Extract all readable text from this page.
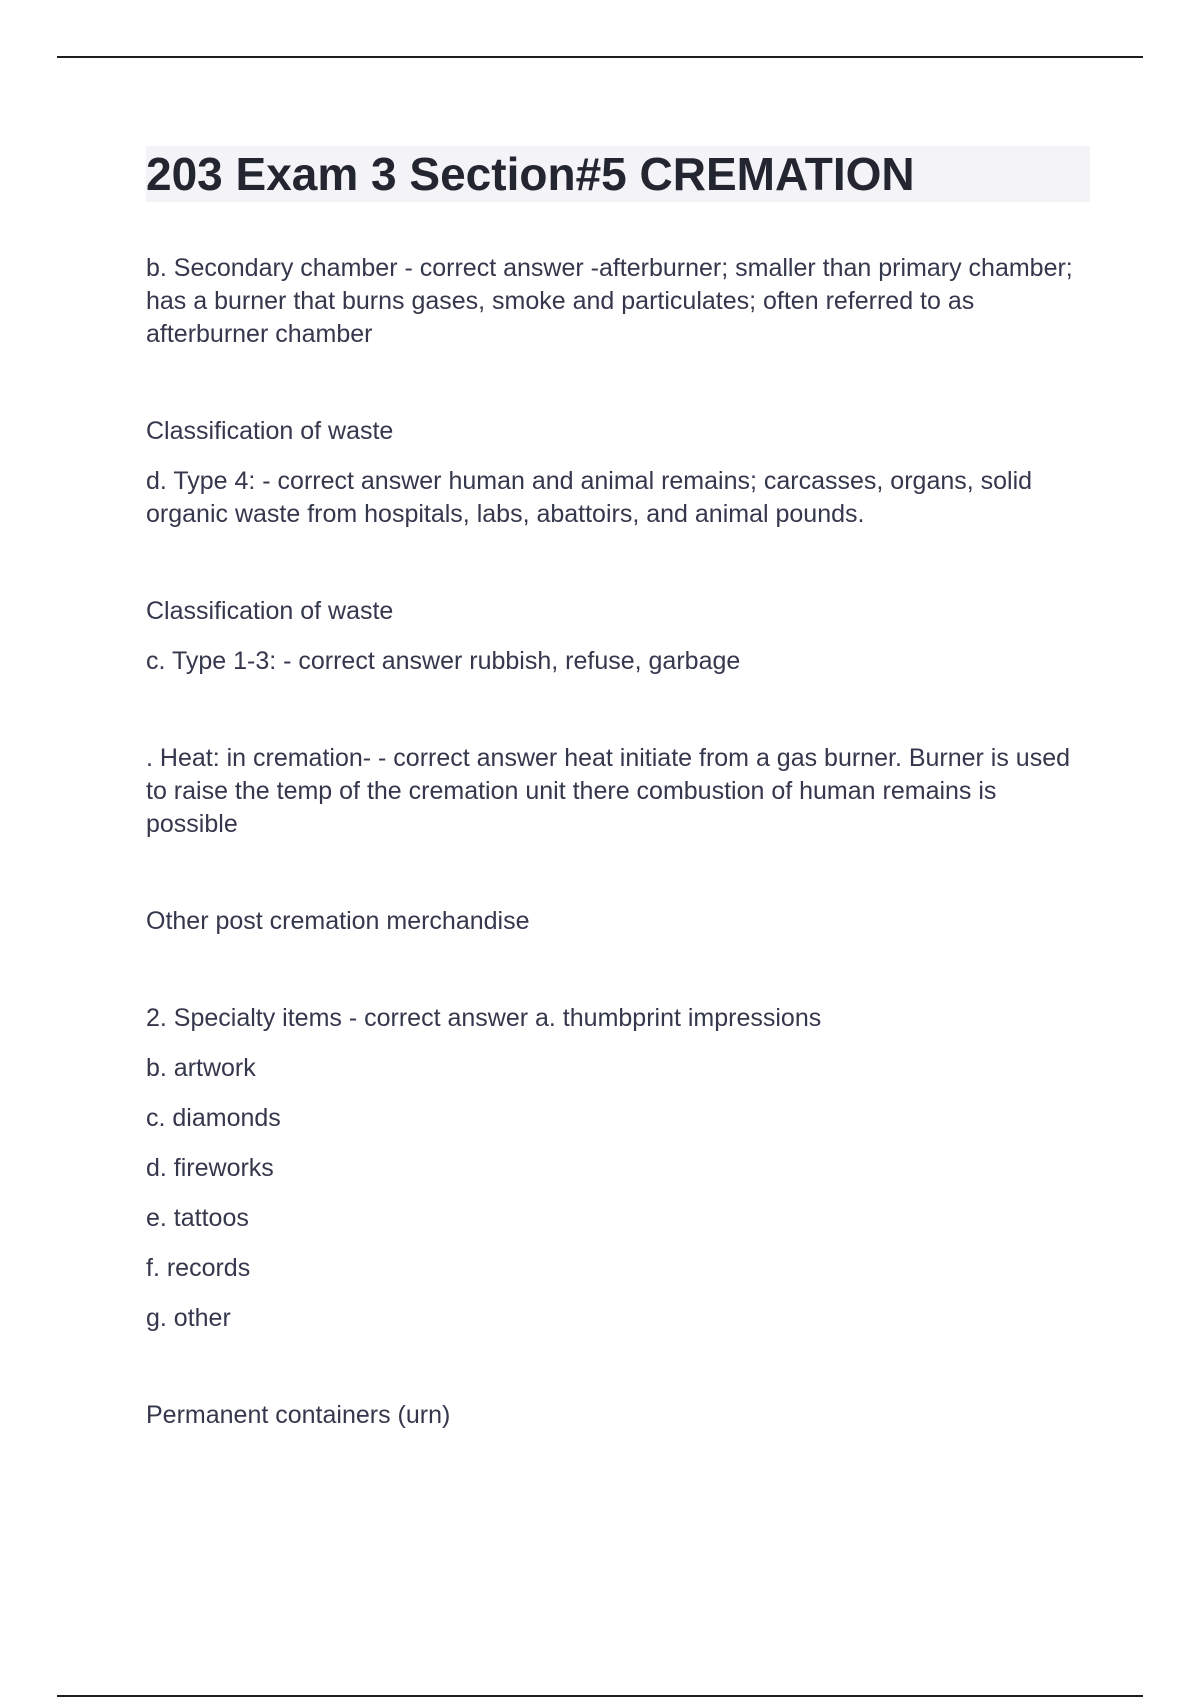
203 Exam 3 Section#5 CREMATION

b. Secondary chamber - correct answer -afterburner; smaller than primary chamber; has a burner that burns gases, smoke and particulates; often referred to as afterburner chamber

Classification of waste

d. Type 4: - correct answer human and animal remains; carcasses, organs, solid organic waste from hospitals, labs, abattoirs, and animal pounds.

Classification of waste

c. Type 1-3: - correct answer rubbish, refuse, garbage

. Heat: in cremation- - correct answer heat initiate from a gas burner. Burner is used to raise the temp of the cremation unit there combustion of human remains is possible

Other post cremation merchandise

2. Specialty items - correct answer a. thumbprint impressions

b. artwork

c. diamonds

d. fireworks

e. tattoos

f. records

g. other

Permanent containers (urn)
